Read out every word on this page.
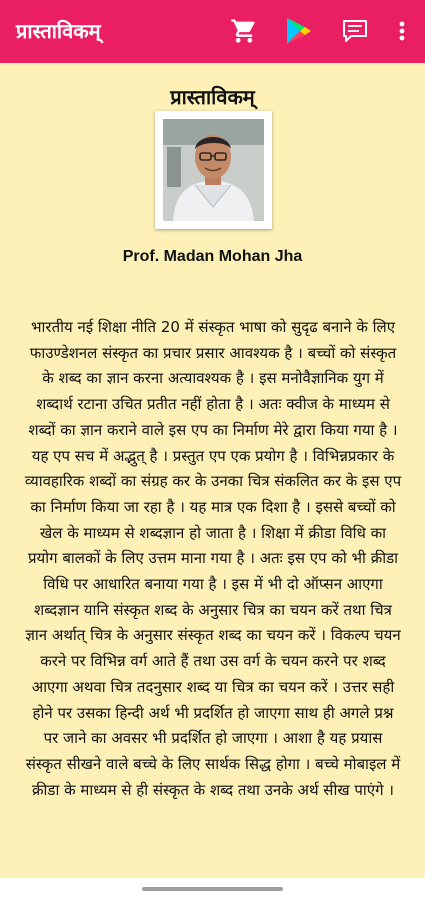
प्रास्ताविकम्
प्रास्ताविकम्
Prof. Madan Mohan Jha
भारतीय नई शिक्षा नीति 20 में संस्कृत भाषा को सुदृढ बनाने के लिए फाउण्डेशनल संस्कृत का प्रचार प्रसार आवश्यक है । बच्चों को संस्कृत के शब्द का ज्ञान करना अत्यावश्यक है । इस मनोवैज्ञानिक युग में शब्दार्थ रटाना उचित प्रतीत नहीं होता है । अतः क्वीज के माध्यम से शब्दों का ज्ञान कराने वाले इस एप का निर्माण मेरे द्वारा किया गया है । यह एप सच में अद्भुत् है । प्रस्तुत एप एक प्रयोग है । विभिन्नप्रकार के व्यावहारिक शब्दों का संग्रह कर के उनका चित्र संकलित कर के इस एप का निर्माण किया जा रहा है । यह मात्र एक दिशा है । इससे बच्चों को खेल के माध्यम से शब्दज्ञान हो जाता है । शिक्षा में क्रीडा विधि का प्रयोग बालकों के लिए उत्तम माना गया है । अतः इस एप को भी क्रीडा विधि पर आधारित बनाया गया है । इस में भी दो ऑप्सन आएगा शब्दज्ञान यानि संस्कृत शब्द के अनुसार चित्र का चयन करें तथा चित्र ज्ञान अर्थात् चित्र के अनुसार संस्कृत शब्द का चयन करें । विकल्प चयन करने पर विभिन्न वर्ग आते हैं तथा उस वर्ग के चयन करने पर शब्द आएगा अथवा चित्र तदनुसार शब्द या चित्र का चयन करें । उत्तर सही होने पर उसका हिन्दी अर्थ भी प्रदर्शित हो जाएगा साथ ही अगले प्रश्न पर जाने का अवसर भी प्रदर्शित हो जाएगा । आशा है यह प्रयास संस्कृत सीखने वाले बच्चे के लिए सार्थक सिद्ध होगा । बच्चे मोबाइल में क्रीडा के माध्यम से ही संस्कृत के शब्द तथा उनके अर्थ सीख पाएंगे ।
